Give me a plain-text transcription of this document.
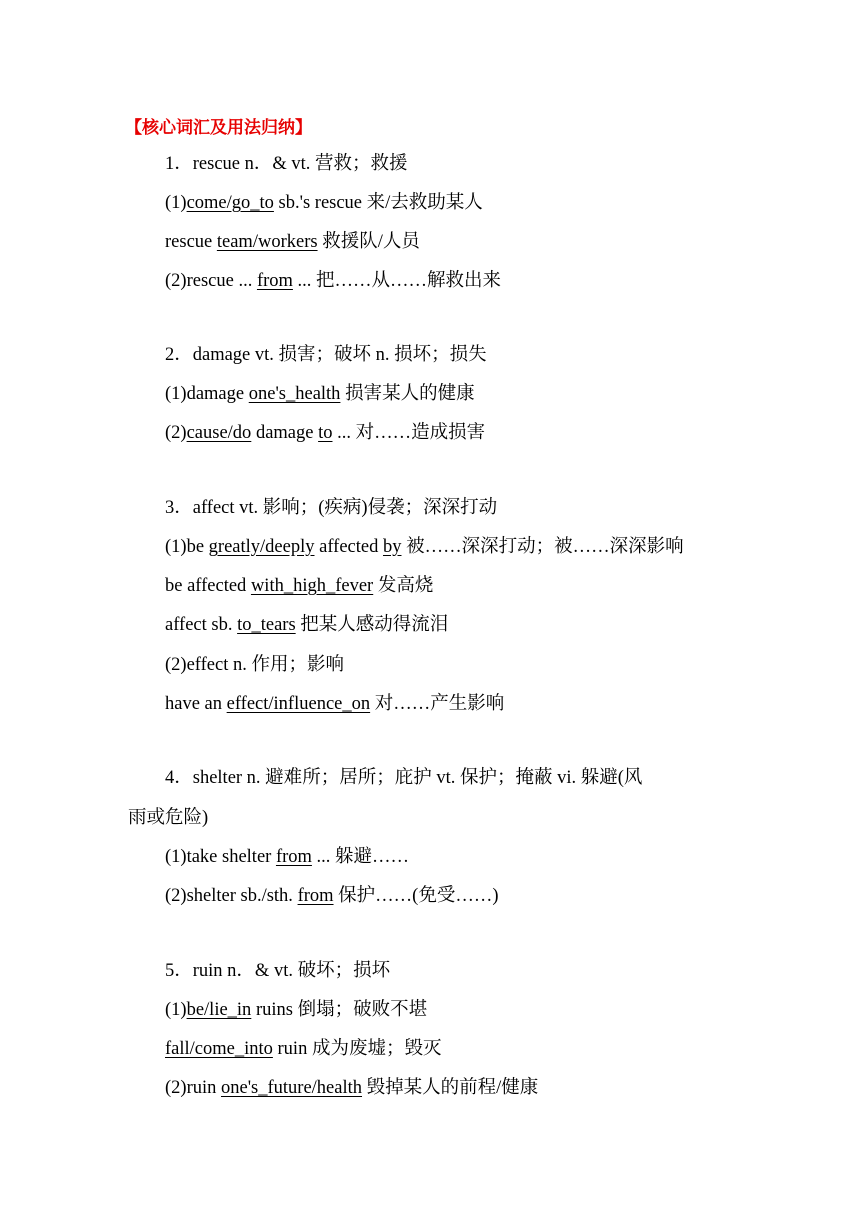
【核心词汇及用法归纳】
1．rescue n．& vt. 营救；救援
(1)come/go_to sb.'s rescue 来/去救助某人
rescue team/workers 救援队/人员
(2)rescue ... from ... 把……从……解救出来
2．damage vt. 损害；破坏 n. 损坏；损失
(1)damage one's_health 损害某人的健康
(2)cause/do damage to ... 对……造成损害
3．affect vt. 影响；(疾病)侵袭；深深打动
(1)be greatly/deeply affected by 被……深深打动；被……深深影响
be affected with_high_fever 发高烧
affect sb. to_tears 把某人感动得流泪
(2)effect n. 作用；影响
have an effect/influence_on 对……产生影响
4．shelter n. 避难所；居所；庇护 vt. 保护；掩蔽 vi. 躲避(风
雨或危险)
(1)take shelter from ... 躲避……
(2)shelter sb./sth. from 保护……(免受……)
5．ruin n．& vt. 破坏；损坏
(1)be/lie_in ruins 倒塌；破败不堪
fall/come_into ruin 成为废墟；毁灭
(2)ruin one's_future/health 毁掉某人的前程/健康
